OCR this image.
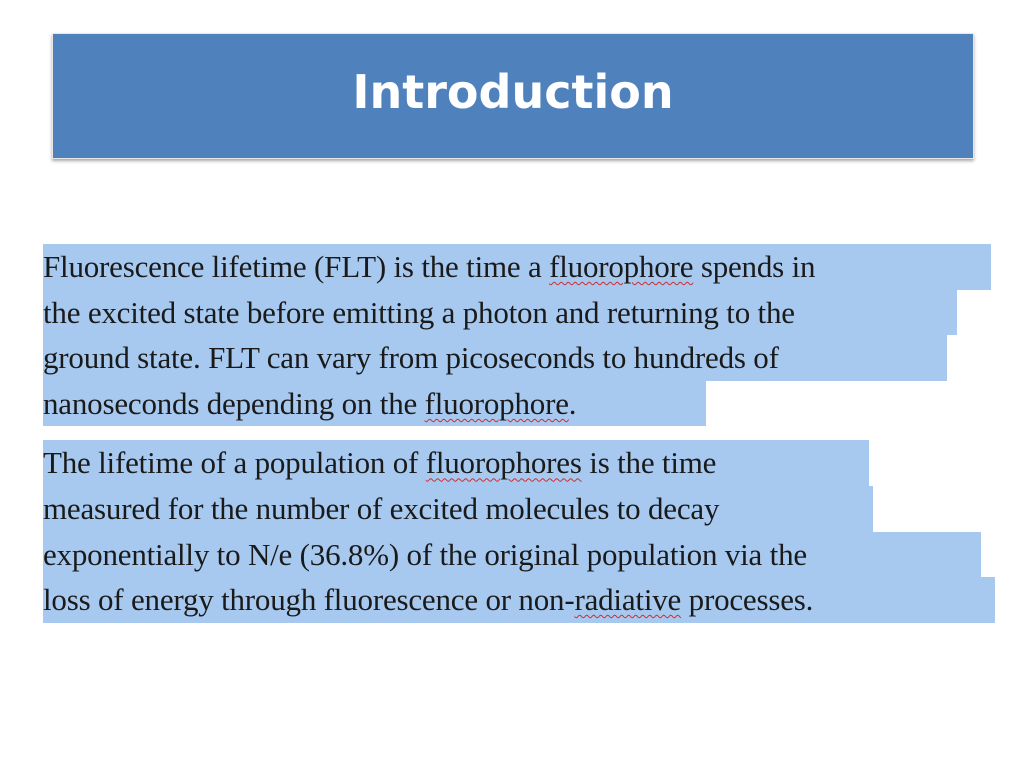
Introduction

Fluorescence lifetime (FLT) is the time a fluorophore spends in
the excited state before emitting a photon and returning to the
ground state. FLT can vary from picoseconds to hundreds of
nanoseconds depending on the fluorophore.

The lifetime of a population of fluorophores is the time
measured for the number of excited molecules to decay
exponentially to N/e (36.8%) of the original population via the
loss of energy through fluorescence or non-radiative processes.
